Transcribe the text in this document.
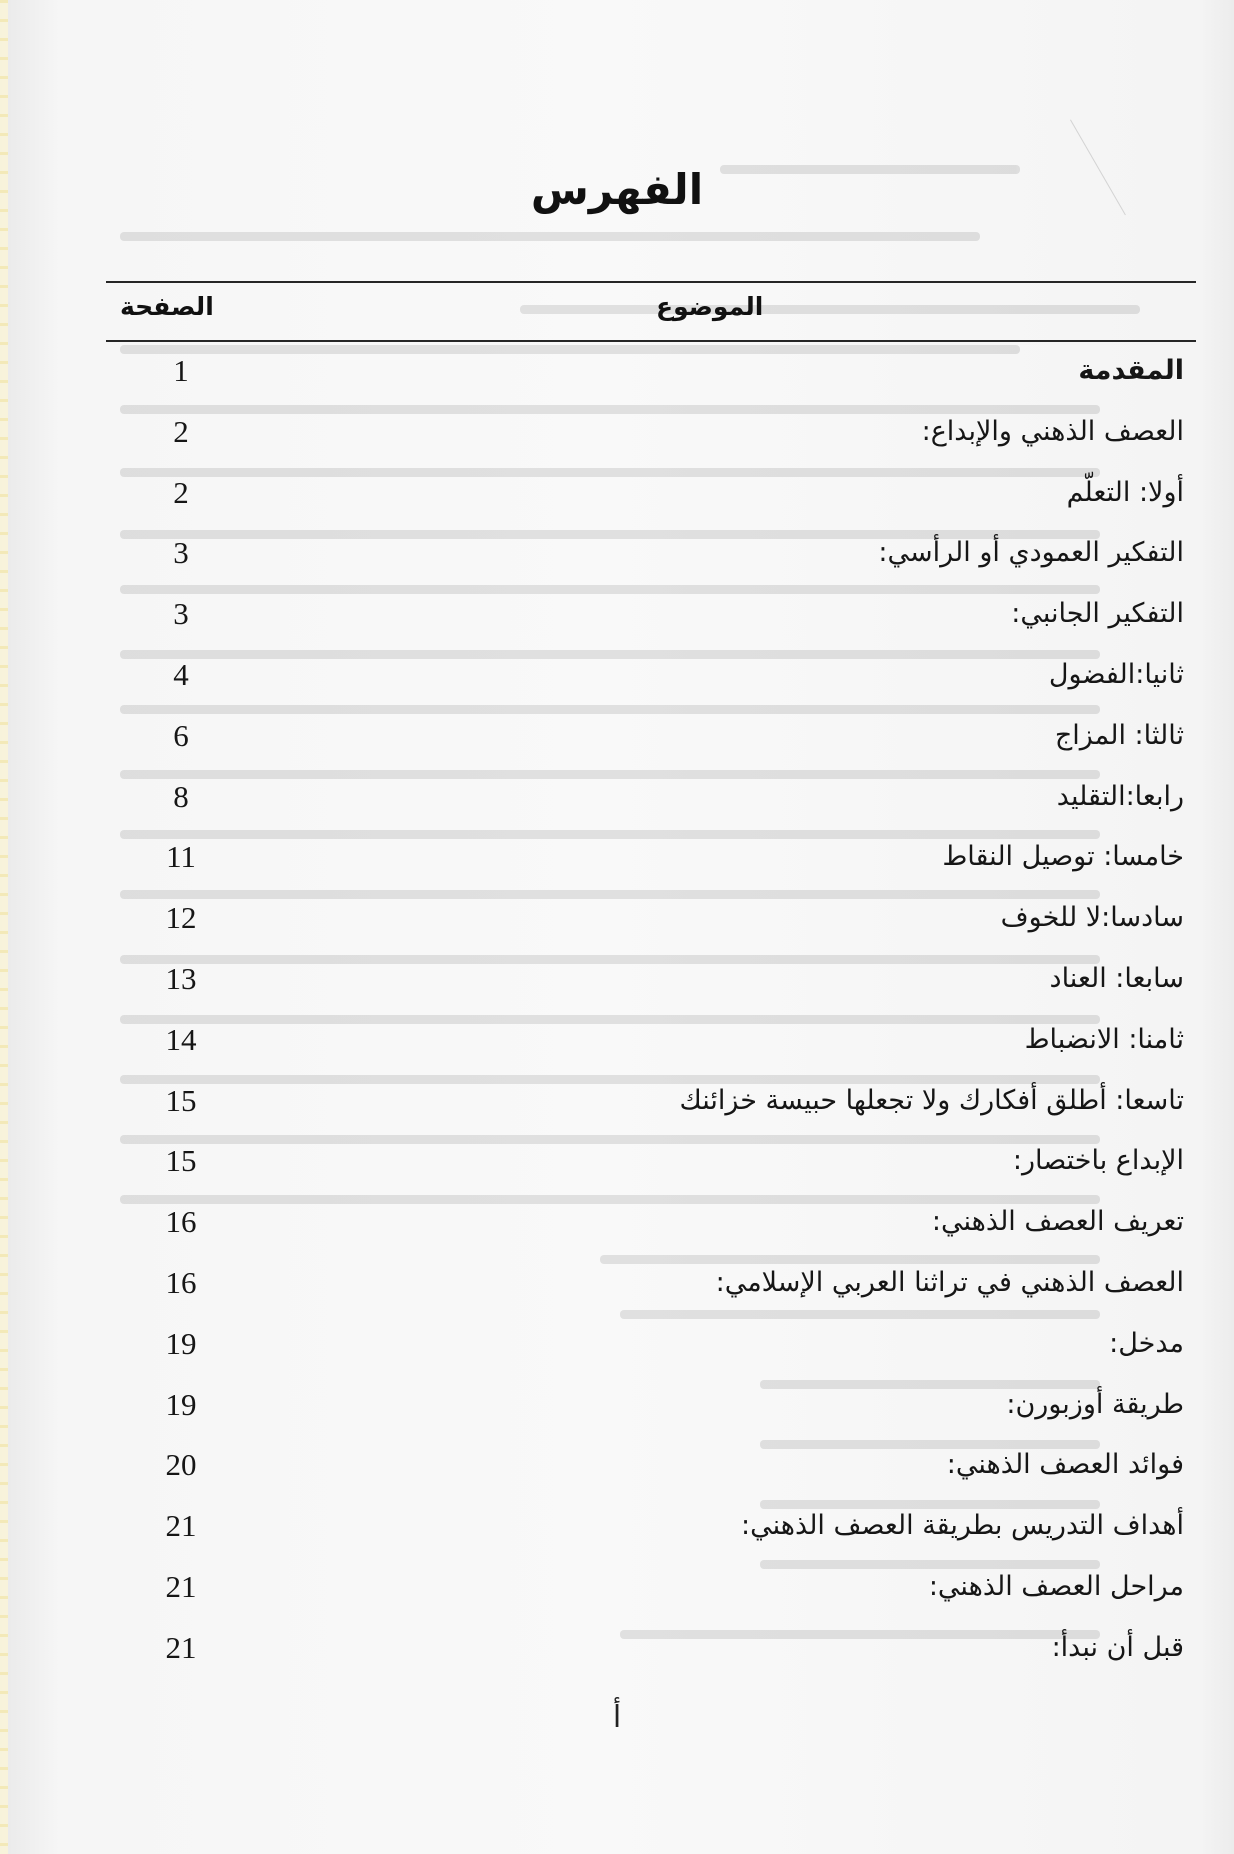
الفهرس
الصفحة	الموضوع
المقدمة
1
العصف الذهني والإبداع:
2
أولا: التعلّم
2
التفكير العمودي أو الرأسي:
3
التفكير الجانبي:
3
ثانيا:الفضول
4
ثالثا: المزاج
6
رابعا:التقليد
8
خامسا: توصيل النقاط
11
سادسا:لا للخوف
12
سابعا: العناد
13
ثامنا: الانضباط
14
تاسعا: أطلق أفكارك ولا تجعلها حبيسة خزائنك
15
الإبداع باختصار:
15
تعريف العصف الذهني:
16
العصف الذهني في تراثنا العربي الإسلامي:
16
مدخل:
19
طريقة أوزبورن:
19
فوائد العصف الذهني:
20
أهداف التدريس بطريقة العصف الذهني:
21
مراحل العصف الذهني:
21
قبل أن نبدأ:
21
أ
